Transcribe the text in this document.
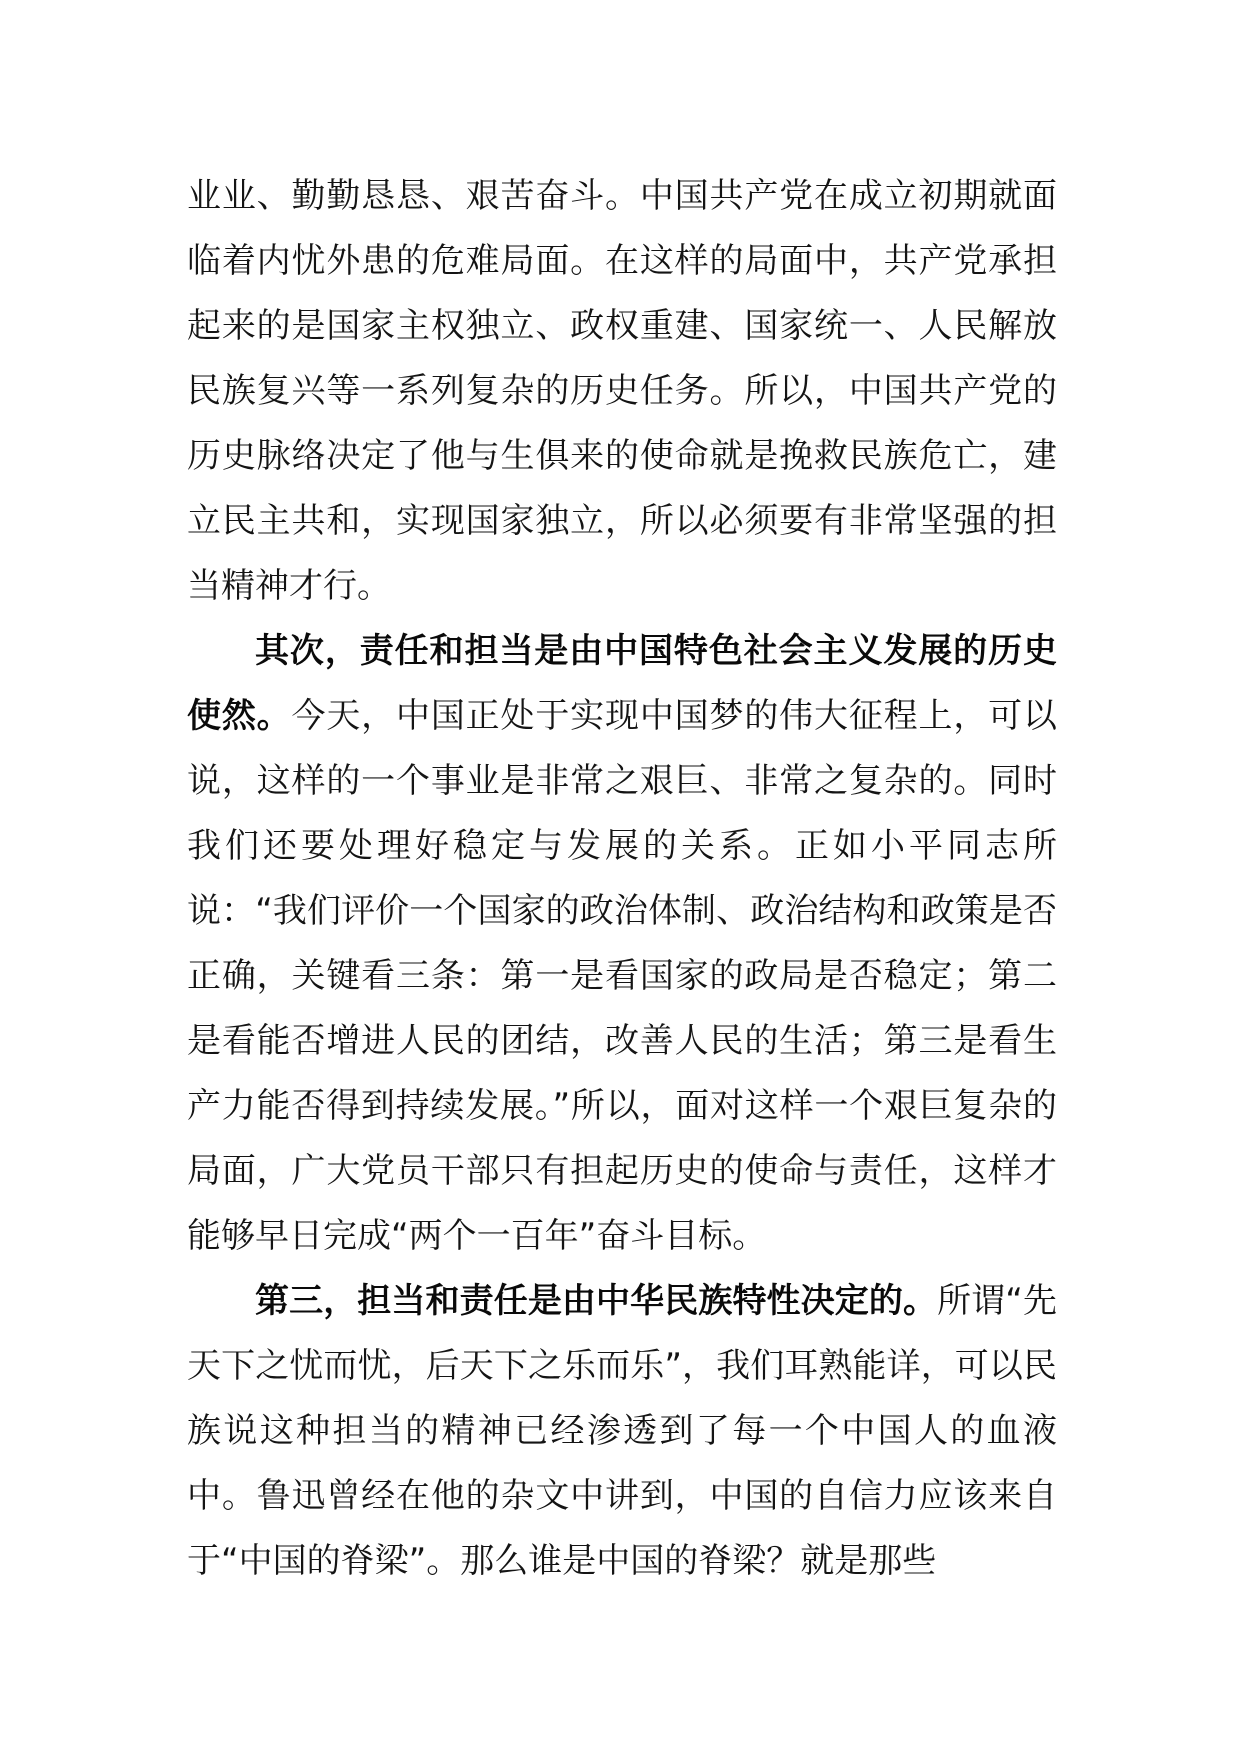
业业、勤勤恳恳、艰苦奋斗。中国共产党在成立初期就面临着内忧外患的危难局面。在这样的局面中，共产党承担起来的是国家主权独立、政权重建、国家统一、人民解放民族复兴等一系列复杂的历史任务。所以，中国共产党的历史脉络决定了他与生俱来的使命就是挽救民族危亡，建立民主共和，实现国家独立，所以必须要有非常坚强的担当精神才行。

其次，责任和担当是由中国特色社会主义发展的历史使然。今天，中国正处于实现中国梦的伟大征程上，可以说，这样的一个事业是非常之艰巨、非常之复杂的。同时我们还要处理好稳定与发展的关系。正如小平同志所说：“我们评价一个国家的政治体制、政治结构和政策是否正确，关键看三条：第一是看国家的政局是否稳定；第二是看能否增进人民的团结，改善人民的生活；第三是看生产力能否得到持续发展。”所以，面对这样一个艰巨复杂的局面，广大党员干部只有担起历史的使命与责任，这样才能够早日完成“两个一百年”奋斗目标。

第三，担当和责任是由中华民族特性决定的。所谓“先天下之忧而忧，后天下之乐而乐”，我们耳熟能详，可以民族说这种担当的精神已经渗透到了每一个中国人的血液中。鲁迅曾经在他的杂文中讲到，中国的自信力应该来自于“中国的脊梁”。那么谁是中国的脊梁？就是那些
